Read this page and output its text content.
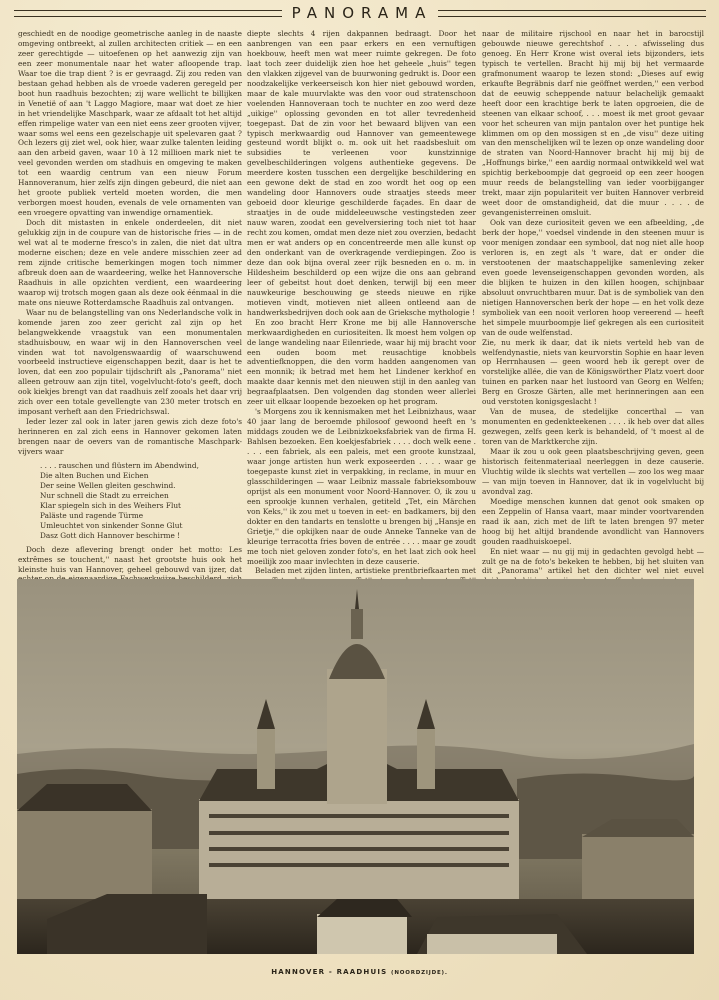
PANORAMA

geschiedt en de noodige geometrische aanleg in de naaste omgeving ontbreekt, al zullen architecten critiek — en een zeer gerechtigde — uitoefenen op het aanwezig zijn van een zeer monumentale naar het water afloopende trap. Waar toe die trap dient ? is er gevraagd. Zij zou reden van bestaan gehad hebben als de vroede vaderen geregeld per boot hun raadhuis bezochten; zij ware wellicht te billijken in Venetië of aan 't Laggo Magiore, maar wat doet ze hier in het vriendelijke Maschpark, waar ze afdaalt tot het altijd effen rimpelige water van een niet eens zeer grooten vijver, waar soms wel eens een gezelschapje uit spelevaren gaat ? Och lezers gij ziet wel, ook hier, waar zulke talenten leiding aan den arbeid gaven, waar 10 à 12 millioen mark niet te veel gevonden werden om stadhuis en omgeving te maken tot een waardig centrum van een nieuw Forum Hannoveranum, hier zelfs zijn dingen gebeurd, die niet aan het groote publiek verteld moeten worden, die men verborgen moest houden, evenals de vele ornamenten van een vroegere opvatting van inwendige ornamentiek.

Doch dit mistasten in enkele onderdeelen, dit niet gelukkig zijn in de coupure van de historische fries — in de wel wat al te moderne fresco's in zalen, die niet dat ultra moderne eischen; deze en vele andere misschien zeer ad rem zijnde critische bemerkingen mogen toch nimmer afbreuk doen aan de waardeering, welke het Hannoversche Raadhuis in alle opzichten verdient, een waardeering waarop wij trotsch mogen gaan als deze ook éénmaal in die mate ons nieuwe Rotterdamsche Raadhuis zal ontvangen.

Waar nu de belangstelling van ons Nederlandsche volk in komende jaren zoo zeer gericht zal zijn op het belangwekkende vraagstuk van een monumentalen stadhuisbouw, en waar wij in den Hannoverschen veel vinden wat tot navolgenswaardig of waarschuwend voorbeeld instructieve eigenschappen bezit, daar is het te loven, dat een zoo populair tijdschrift als „Panorama'' niet alleen getrouw aan zijn titel, vogelvlucht-foto's geeft, doch ook kiekjes brengt van dat raadhuis zelf zooals het daar vrij zich over een totale gevellengte van 230 meter trotsch en imposant verheft aan den Friedrichswal.

Ieder lezer zal ook in later jaren gewis zich deze foto's herinneren en zal zich eens in Hannover gekomen laten brengen naar de oevers van de romantische Maschpark-vijvers waar

. . . . rauschen und flüstern im Abendwind,
Die alten Buchen und Eichen
Der seine Wellen gleiten geschwind.
Nur schnell die Stadt zu erreichen
Klar spiegeln sich in des Weihers Flut
Paläste und ragende Türme
Umleuchtet von sinkender Sonne Glut
Dasz Gott dich Hannover beschirme !

Doch deze aflevering brengt onder het motto: Les extrêmes se touchent,'' naast het grootste huis ook het kleinste huis van Hannover, geheel gebouwd van ijzer, dat

diepte slechts 4 rijen dakpannen bedraagt. Door het aanbrengen van een paar erkers en een vernuftigen hoekbouw, heeft men wat meer ruimte gekregen. De foto laat toch zeer duidelijk zien hoe het geheele „huis'' tegen den vlakken zijgevel van de buurwoning gedrukt is. Door een noodzakelijke verkeerseisch kon hier niet gebouwd worden, maar de kale muurvlakte was den voor oud stratenschoon voelenden Hannoveraan toch te nuchter en zoo werd deze „uikige'' oplossing gevonden en tot aller tevredenheid toegepast. Dat de zin voor het bewaard blijven van een typisch merkwaardig oud Hannover van gemeentewege gesteund wordt blijkt o. m. ook uit het raadsbesluit om subsidies te verleenen voor kunstzinnige gevelbeschilderingen volgens authentieke gegevens. De meerdere kosten tusschen een dergelijke beschildering en een gewone dekt de stad en zoo wordt het oog op een wandeling door Hannovers oude straatjes steeds meer geboeid door kleurige geschilderde façades. En daar de straatjes in de oude middeleeuwsche vestingsteden zeer nauw waren, zoodat een gevelversiering toch niet tot haar recht zou komen, omdat men deze niet zou overzien, bedacht men er wat anders op en concentreerde men alle kunst op den onderkant van de overkragende verdiepingen. Zoo is deze dan ook bijna overal zeer rijk besneden en o. m. in Hildesheim beschilderd op een wijze die ons aan gebrand leer of gebeitst hout doet denken, terwijl bij een meer nauwkeurige beschouwing ge steeds nieuwe en rijke motieven vindt, motieven niet alleen ontleend aan de handwerksbedrijven doch ook aan de Grieksche mythologie !

En zoo bracht Herr Krone me bij alle Hannoversche merkwaardigheden en curiositeiten. Ik moest hem volgen op de lange wandeling naar Eilenriede, waar hij mij bracht voor een ouden boom met reusachtige knobbels adventiefknoppen, die den vorm hadden aangenomen van een monnik; ik betrad met hem het Lindener kerkhof en maakte daar kennis met den nieuwen stijl in den aanleg van begraafplaatsen. Den volgenden dag stonden weer allerlei zeer uit elkaar loopende bezoeken op het program.

's Morgens zou ik kennismaken met het Leibnizhaus, waar 40 jaar lang de beroemde philosoof gewoond heeft en 's middags zouden we de Leibnizkoeksfabriek van de firma H. Bahlsen bezoeken. Een koekjesfabriek . . . . doch welk eene . . . . een fabriek, als een paleis, met een groote kunstzaal, waar jonge artisten hun werk exposeerden . . . . waar ge toegepaste kunst ziet in verpakking, in reclame, in muur en glasschilderingen — waar Leibniz massale fabrieksombouw oprijst als een monument voor Noord-Hannover. O, ik zou u een sprookje kunnen verhalen, getiteld „Tet, ein Märchen von Keks,'' ik zou met u toeven in eet- en badkamers, bij den dokter en den tandarts en tenslotte u brengen bij „Hansje en Grietje,'' die opkijken naar de oude Anneke Tanneke van de kleurige terracotta fries boven de entrée . . . . maar ge zoudt me toch niet geloven zonder foto's, en het laat zich ook heel moeilijk zoo maar invlechten in deze causerie.

Beladen met zijden linten, artistieke prentbriefkaarten met

naar de militaire rijschool en naar het in barocstijl gebouwde nieuwe gerechtshof . . . . afwisseling dus genoeg. En Herr Krone wist overal iets bijzonders, iets typisch te vertellen. Bracht hij mij bij het vermaarde grafmonument waarop te lezen stond: „Dieses auf ewig erkaufte Begräbnis darf nie geöffnet werden,'' een verbod dat de eeuwig scheppende natuur belachelijk gemaakt heeft door een krachtige berk te laten opgroeien, die de steenen van elkaar schoof, . . . moest ik met groot gevaar voor het scheuren van mijn pantalon over het puntige hek klimmen om op den mossigen st en „de visu'' deze uiting van den menschelijken wil te lezen op onze wandeling door de straten van Noord-Hannover bracht hij mij bij de „Hoffnungs birke,'' een aardig normaal ontwikkeld wel wat spichtig berkeboompje dat gegroeid op een zeer hoogen muur reeds de belangstelling van ieder voorbijganger trekt, maar zijn populariteit ver buiten Hannover verbreid weet door de omstandigheid, dat die muur . . . . de gevangenisterreinen omsluit.

Ook van deze curiositeit geven we een afbeelding, „de berk der hope,'' voedsel vindende in den steenen muur is voor menigen zondaar een symbool, dat nog niet alle hoop verloren is, en zegt als 't ware, dat er onder die verstootenen der maatschappelijke samenleving zeker even goede levenseigenschappen gevonden worden, als die blijken te huizen in den killen hoogen, schijnbaar absoluut onvruchtbaren muur. Dat is de symboliek van den nietigen Hannoverschen berk der hope — en het volk deze symboliek van een nooit verloren hoop vereerend — heeft het simpele muurboompje lief gekregen als een curiositeit van de oude welfenstad.

Zie, nu merk ik daar, dat ik niets verteld heb van de welfendynastie, niets van keurvorstin Sophie en haar leven op Herrnhausen — geen woord heb ik gerept over de vorstelijke allée, die van de Königswörther Platz voert door tuinen en parken naar het lustoord van Georg en Welfen; Berg en Grosze Gärten, alle met herinneringen aan een oud verstoten konigsgeslacht !

Van de musea, de stedelijke concerthal — van monumenten en gedenkteekenen . . . . ik heb over dat alles gezwegen, zelfs geen kerk is behandeld, of 't moest al de toren van de Marktkerche zijn.

Maar ik zou u ook geen plaatsbeschrijving geven, geen historisch feitenmateriaal neerleggen in deze causerie. Vluchtig wilde ik slechts wat vertellen — zoo los weg maar — van mijn toeven in Hannover, dat ik in vogelvlucht bij avondval zag.

Moedige menschen kunnen dat genot ook smaken op een Zeppelin of Hansa vaart, maar minder voortvarenden raad ik aan, zich met de lift te laten brengen 97 meter hoog bij het altijd brandende avondlicht van Hannovers gouden raadhuiskoepel.

En niet waar — nu gij mij in gedachten gevolgd hebt — zult ge na de foto's bekeken te hebben, bij het sluiten van dit „Panorama'' artikel het den dichter wel niet euvel

HANNOVER - RAADHUIS (NOORDZIJDE).
